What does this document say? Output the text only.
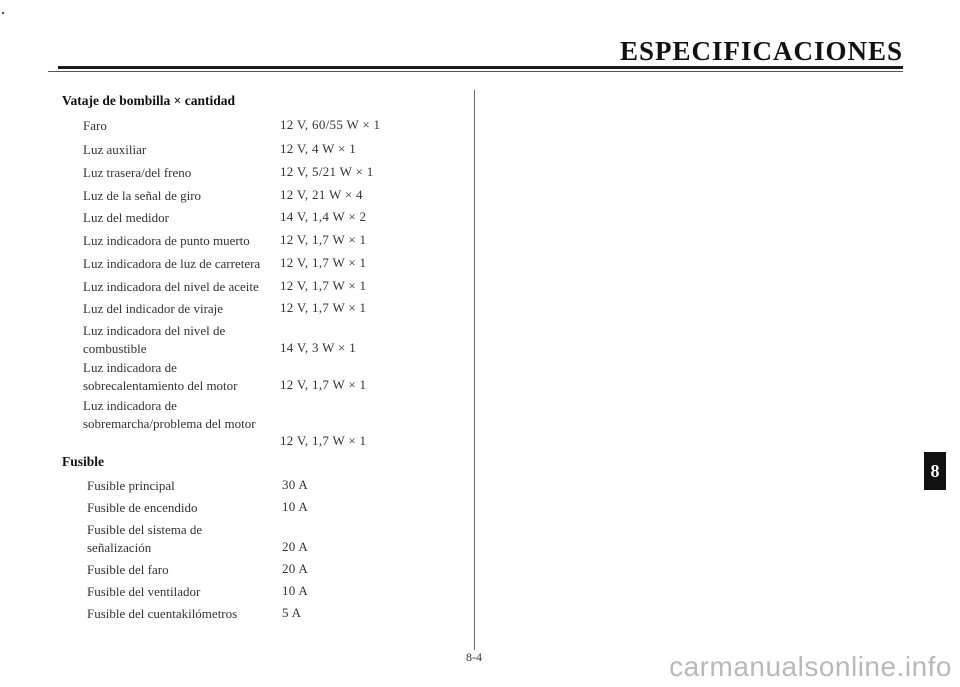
ESPECIFICACIONES
Vataje de bombilla × cantidad
Faro	12 V, 60/55 W × 1
Luz auxiliar	12 V, 4 W × 1
Luz trasera/del freno	12 V, 5/21 W × 1
Luz de la señal de giro	12 V, 21 W × 4
Luz del medidor	14 V, 1,4 W × 2
Luz indicadora de punto muerto 12 V, 1,7 W × 1
Luz indicadora de luz de carretera 12 V, 1,7 W × 1
Luz indicadora del nivel de aceite 12 V, 1,7 W × 1
Luz del indicador de viraje	12 V, 1,7 W × 1
Luz indicadora del nivel de
combustible	14 V, 3 W × 1
Luz indicadora de
sobrecalentamiento del motor	12 V, 1,7 W × 1
Luz indicadora de
sobremarcha/problema del motor
12 V, 1,7 W × 1
Fusible
Fusible principal	30 A
Fusible de encendido	10 A
Fusible del sistema de
señalización	20 A
Fusible del faro	20 A
Fusible del ventilador	10 A
Fusible del cuentakilómetros	5 A
8-4
8
carmanualsonline.info
